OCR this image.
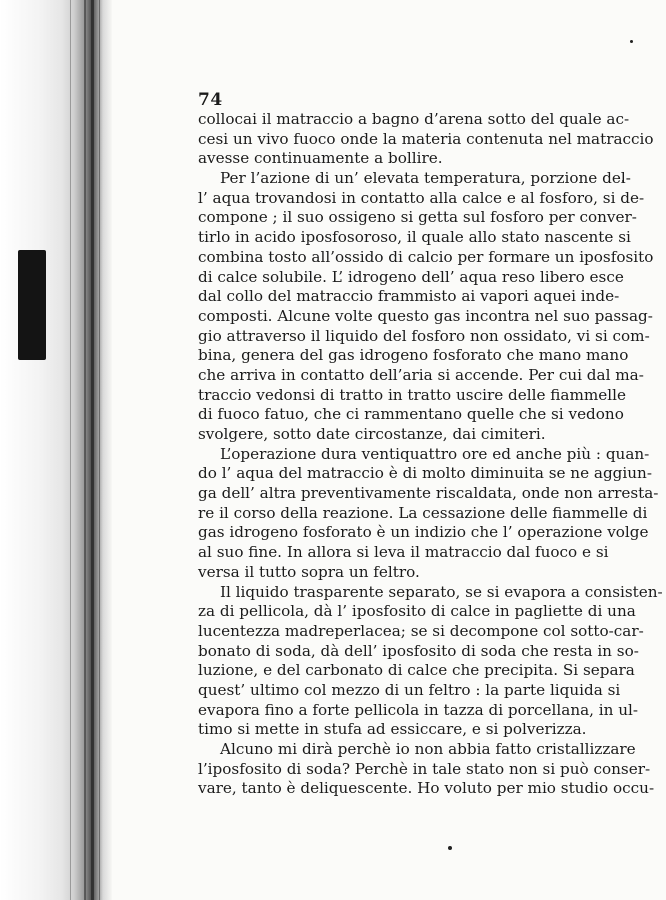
74
collocai il matraccio a bagno d’arena sotto del quale ac-
cesi un vivo fuoco onde la materia contenuta nel matraccio
avesse continuamente a bollire.
Per l’azione di un’ elevata temperatura, porzione del-
l’ aqua trovandosi in contatto alla calce e al fosforo, si de-
compone ; il suo ossigeno si getta sul fosforo per conver-
tirlo in acido iposfosoroso, il quale allo stato nascente si
combina tosto all’ossido di calcio per formare un iposfosito
di calce solubile. L’ idrogeno dell’ aqua reso libero esce
dal collo del matraccio frammisto ai vapori aquei inde-
composti. Alcune volte questo gas incontra nel suo passag-
gio attraverso il liquido del fosforo non ossidato, vi si com-
bina, genera del gas idrogeno fosforato che mano mano
che arriva in contatto dell’aria si accende. Per cui dal ma-
traccio vedonsi di tratto in tratto uscire delle fiammelle
di fuoco fatuo, che ci rammentano quelle che si vedono
svolgere, sotto date circostanze, dai cimiteri.
L’operazione dura ventiquattro ore ed anche più : quan-
do l’ aqua del matraccio è di molto diminuita se ne aggiun-
ga dell’ altra preventivamente riscaldata, onde non arresta-
re il corso della reazione. La cessazione delle fiammelle di
gas idrogeno fosforato è un indizio che l’ operazione volge
al suo fine. In allora si leva il matraccio dal fuoco e si
versa il tutto sopra un feltro.
Il liquido trasparente separato, se si evapora a consisten-
za di pellicola, dà l’ iposfosito di calce in pagliette di una
lucentezza madreperlacea; se si decompone col sotto-car-
bonato di soda, dà dell’ iposfosito di soda che resta in so-
luzione, e del carbonato di calce che precipita. Si separa
quest’ ultimo col mezzo di un feltro : la parte liquida si
evapora fino a forte pellicola in tazza di porcellana, in ul-
timo si mette in stufa ad essiccare, e si polverizza.
Alcuno mi dirà perchè io non abbia fatto cristallizzare
l’iposfosito di soda? Perchè in tale stato non si può conser-
vare, tanto è deliquescente. Ho voluto per mio studio occu-
